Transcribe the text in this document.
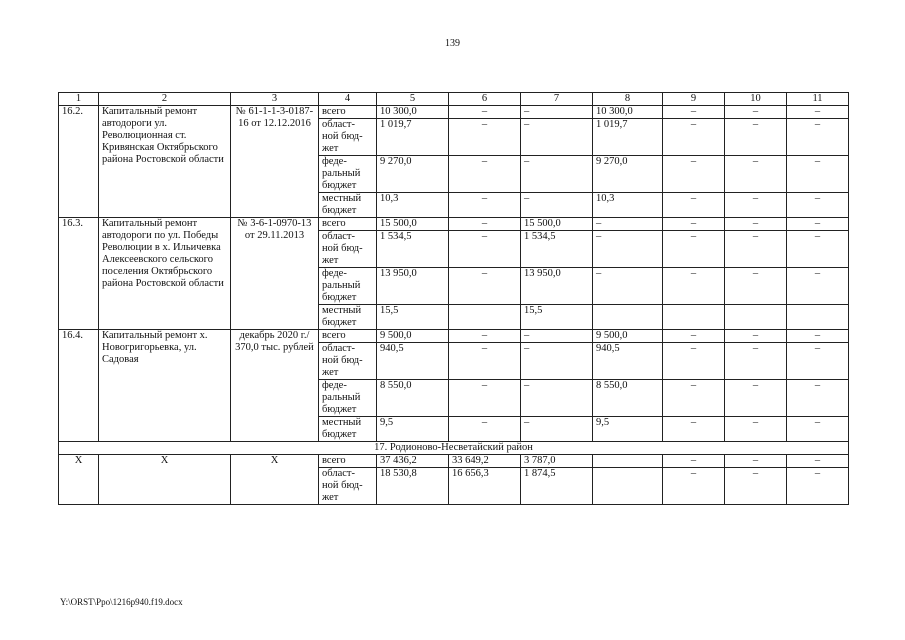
139
1	2	3	4	5	6	7	8	9	10	11
16.2.	Капитальный ремонт автодороги ул. Революционная ст. Кривянская Октябрьского района Ростовской области	№ 61-1-1-3-0187-16 от 12.12.2016	всего	10 300,0	–	–	10 300,0	–	–	–
			област-
ной бюд-
жет	1 019,7	–	–	1 019,7	–	–	–
			феде-
ральный
бюджет	9 270,0	–	–	9 270,0	–	–	–
			местный
бюджет	10,3	–	–	10,3	–	–	–
16.3.	Капитальный ремонт автодороги по ул. Победы Революции в х. Ильичевка Алексеевского сельского поселения Октябрьского района Ростовской области	№ 3-6-1-0970-13 от 29.11.2013	всего	15 500,0	–	15 500,0	–	–	–	–
			област-
ной бюд-
жет	1 534,5	–	1 534,5	–	–	–	–
			феде-
ральный
бюджет	13 950,0	–	13 950,0	–	–	–	–
			местный
бюджет	15,5		15,5				
16.4.	Капитальный ремонт х. Новогригорьевка, ул. Садовая	декабрь 2020 г./ 370,0 тыс. рублей	всего	9 500,0	–	–	9 500,0	–	–	–
			област-
ной бюд-
жет	940,5	–	–	940,5	–	–	–
			феде-
ральный
бюджет	8 550,0	–	–	8 550,0	–	–	–
			местный
бюджет	9,5	–	–	9,5	–	–	–
17. Родионово-Несветайский район										
Х	Х	Х	всего	37 436,2	33 649,2	3 787,0		–	–	–
			област-
ной бюд-
жет	18 530,8	16 656,3	1 874,5		–	–	–
Y:\ORST\Ppo\1216p940.f19.docx
